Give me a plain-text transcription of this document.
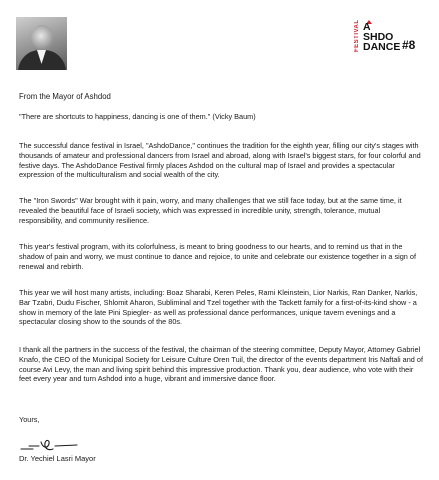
FESTIVAL A
SHDO
DANCE #8

From the Mayor of Ashdod

"There are shortcuts to happiness, dancing is one of them." (Vicky Baum)

The successful dance festival in Israel, "AshdoDance," continues the tradition for the eighth year, filling our city's stages with thousands of amateur and professional dancers from Israel and abroad, along with Israel's biggest stars, for four colorful and festive days. The AshdoDance Festival firmly places Ashdod on the cultural map of Israel and provides a spectacular expression of the multiculturalism and social wealth of the city.

The "Iron Swords" War brought with it pain, worry, and many challenges that we still face today, but at the same time, it revealed the beautiful face of Israeli society, which was expressed in incredible unity, strength, tolerance, mutual responsibility, and community resilience.

This year's festival program, with its colorfulness, is meant to bring goodness to our hearts, and to remind us that in the shadow of pain and worry, we must continue to dance and rejoice, to unite and celebrate our existence together in a sign of renewal and rebirth.

This year we will host many artists, including: Boaz Sharabi, Keren Peles, Rami Kleinstein, Lior Narkis, Ran Danker, Narkis, Bar Tzabri, Dudu Fischer, Shlomit Aharon, Subliminal and Tzel together with the Tackett family for a first-of-its-kind show - a show in memory of the late Pini Spiegler- as well as professional dance performances, unique tavern evenings and a spectacular closing show to the sounds of the 80s.

I thank all the partners in the success of the festival, the chairman of the steering committee, Deputy Mayor, Attorney Gabriel Knafo, the CEO of the Municipal Society for Leisure Culture Oren Tuil, the director of the events department Iris Naftali and of course Avi Levy, the man and living spirit behind this impressive production. Thank you, dear audience, who vote with their feet every year and turn Ashdod into a huge, vibrant and immersive dance floor.

Yours,

Dr. Yechiel Lasri Mayor
